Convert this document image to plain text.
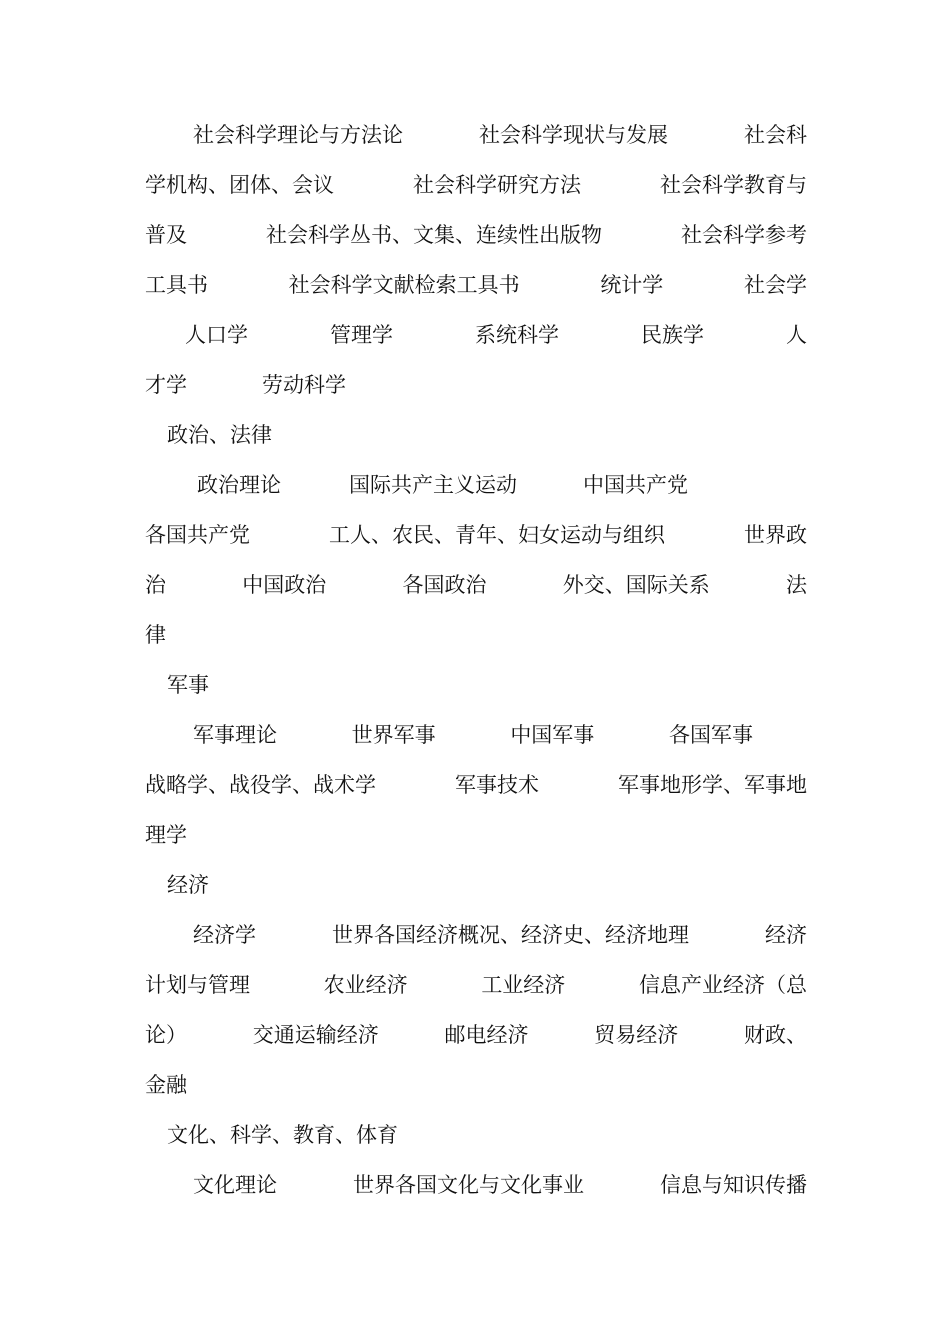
社会科学理论与方法论	社会科学现状与发展	社会科
学机构、团体、会议	社会科学研究方法	社会科学教育与
普及	社会科学丛书、文集、连续性出版物	社会科学参考
工具书	社会科学文献检索工具书	统计学	社会学
人口学	管理学	系统科学	民族学	人
才学	劳动科学
政治、法律
政治理论	国际共产主义运动	中国共产党
各国共产党	工人、农民、青年、妇女运动与组织	世界政
治	中国政治	各国政治	外交、国际关系	法
律
军事
军事理论	世界军事	中国军事	各国军事
战略学、战役学、战术学	军事技术	军事地形学、军事地
理学
经济
经济学	世界各国经济概况、经济史、经济地理	经济
计划与管理	农业经济	工业经济	信息产业经济（总
论）	交通运输经济	邮电经济	贸易经济	财政、
金融
文化、科学、教育、体育
文化理论	世界各国文化与文化事业	信息与知识传播
